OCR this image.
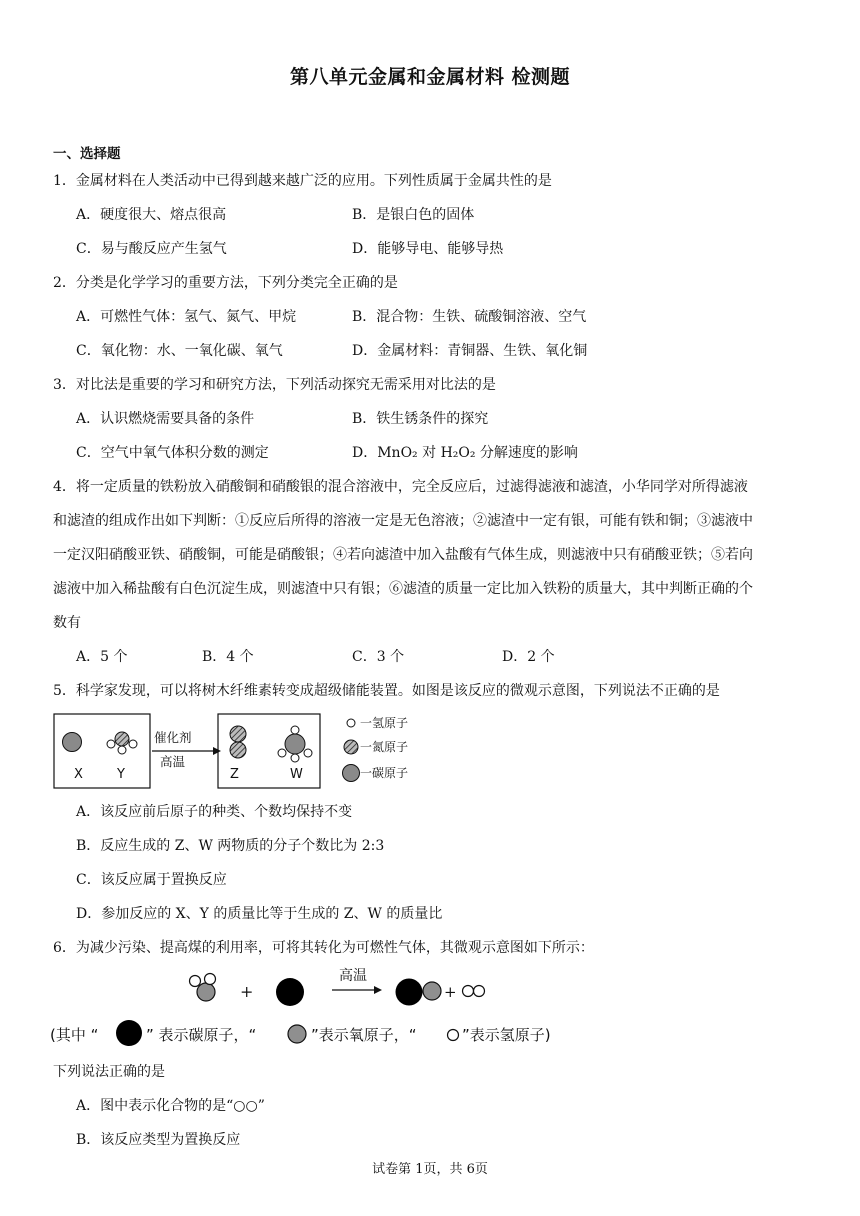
第八单元金属和金属材料 检测题
一、选择题
1．金属材料在人类活动中已得到越来越广泛的应用。下列性质属于金属共性的是
A．硬度很大、熔点很高	B．是银白色的固体
C．易与酸反应产生氢气	D．能够导电、能够导热
2．分类是化学学习的重要方法，下列分类完全正确的是
A．可燃性气体：氢气、氮气、甲烷	B．混合物：生铁、硫酸铜溶液、空气
C．氧化物：水、一氧化碳、氧气	D．金属材料：青铜器、生铁、氧化铜
3．对比法是重要的学习和研究方法，下列活动探究无需采用对比法的是
A．认识燃烧需要具备的条件	B．铁生锈条件的探究
C．空气中氧气体积分数的测定	D．MnO₂ 对 H₂O₂ 分解速度的影响
4．将一定质量的铁粉放入硝酸铜和硝酸银的混合溶液中，完全反应后，过滤得滤液和滤渣，小华同学对所得滤液
和滤渣的组成作出如下判断：①反应后所得的溶液一定是无色溶液；②滤渣中一定有银，可能有铁和铜；③滤液中
一定汉阳硝酸亚铁、硝酸铜，可能是硝酸银；④若向滤渣中加入盐酸有气体生成，则滤液中只有硝酸亚铁；⑤若向
滤液中加入稀盐酸有白色沉淀生成，则滤渣中只有银；⑥滤渣的质量一定比加入铁粉的质量大，其中判断正确的个
数有
A．5 个	B．4 个	C．3 个	D．2 个
5．科学家发现，可以将树木纤维素转变成超级储能装置。如图是该反应的微观示意图，下列说法不正确的是
X	Y
催化剂
高温
Z	W
一氢原子
一氮原子
一碳原子
A．该反应前后原子的种类、个数均保持不变
B．反应生成的 Z、W 两物质的分子个数比为 2:3
C．该反应属于置换反应
D．参加反应的 X、Y 的质量比等于生成的 Z、W 的质量比
6．为减少污染、提高煤的利用率，可将其转化为可燃性气体，其微观示意图如下所示：
+
高温
+
(其中 “	” 表示碳原子，“	”表示氧原子，“	”表示氢原子)
下列说法正确的是
A．图中表示化合物的是“○○”
B．该反应类型为置换反应
试卷第 1页，共 6页
